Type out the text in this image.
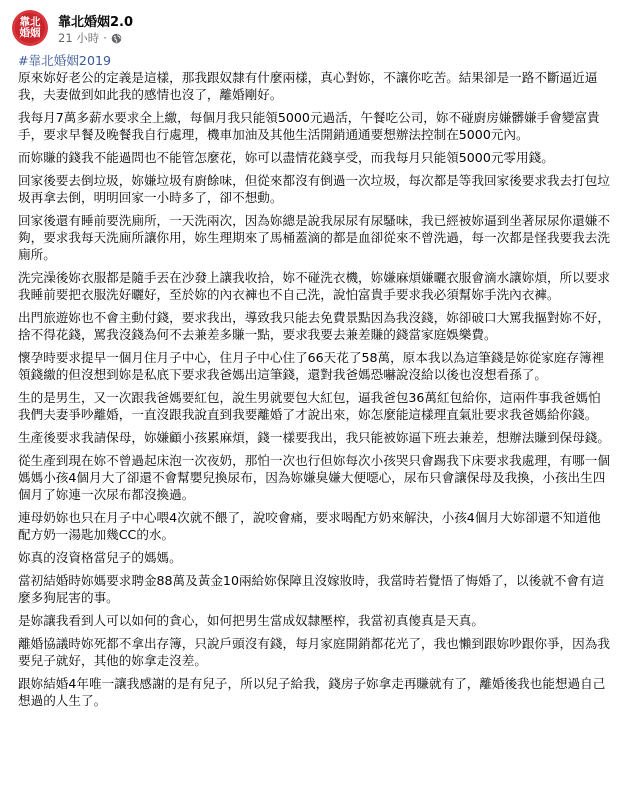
靠北
婚姻
靠北婚姻2.0
21 小時 ·
#靠北婚姻2019

原來妳好老公的定義是這樣，那我跟奴隸有什麼兩樣，真心對妳，不讓你吃苦。結果卻是一路不斷逼近逼我，夫妻做到如此我的感情也沒了，離婚剛好。

我每月7萬多薪水要求全上繳，每個月我只能領5000元過活，午餐吃公司，妳不碰廚房嫌髒嫌手會變富貴手，要求早餐及晚餐我自行處理，機車加油及其他生活開銷通通要想辦法控制在5000元內。

而妳賺的錢我不能過問也不能管怎麼花，妳可以盡情花錢享受，而我每月只能領5000元零用錢。

回家後要去倒垃圾，妳嫌垃圾有廚餘味，但從來都沒有倒過一次垃圾，每次都是等我回家後要求我去打包垃圾再拿去倒，明明回家一小時多了，卻不想動。

回家後還有睡前要洗廁所，一天洗兩次，因為妳總是說我尿尿有尿騷味，我已經被妳逼到坐著尿尿你還嫌不夠，要求我每天洗廁所讓你用，妳生理期來了馬桶蓋滴的都是血卻從來不曾洗過，每一次都是怪我要我去洗廁所。

洗完澡後妳衣服都是隨手丟在沙發上讓我收拾，妳不碰洗衣機，妳嫌麻煩嫌曬衣服會滴水讓妳煩，所以要求我睡前要把衣服洗好曬好，至於妳的內衣褲也不自己洗，說怕富貴手要求我必須幫妳手洗內衣褲。

出門旅遊妳也不會主動付錢，要求我出，導致我只能去免費景點因為我沒錢，妳卻破口大罵我摳對妳不好，捨不得花錢，罵我沒錢為何不去兼差多賺一點，要求我要去兼差賺的錢當家庭娛樂費。

懷孕時要求提早一個月住月子中心，住月子中心住了66天花了58萬，原本我以為這筆錢是妳從家庭存簿裡領錢繳的但沒想到妳是私底下要求我爸媽出這筆錢，還對我爸媽恐嚇說沒給以後也沒想看孫了。

生的是男生，又一次跟我爸媽要紅包，說生男就要包大紅包，逼我爸包36萬紅包給你，這兩件事我爸媽怕我們夫妻爭吵離婚，一直沒跟我說直到我要離婚了才說出來，妳怎麼能這樣理直氣壯要求我爸媽給你錢。

生產後要求我請保母，妳嫌顧小孩累麻煩，錢一樣要我出，我只能被妳逼下班去兼差，想辦法賺到保母錢。

從生產到現在妳不曾過起床泡一次夜奶，那怕一次也行但妳每次小孩哭只會踢我下床要求我處理，有哪一個媽媽小孩4個月大了卻還不會幫嬰兒換尿布，因為妳嫌臭嫌大便噁心，尿布只會讓保母及我換，小孩出生四個月了妳連一次尿布都沒換過。

連母奶妳也只在月子中心喂4次就不餵了，說咬會痛，要求喝配方奶來解決，小孩4個月大妳卻還不知道他配方奶一湯匙加幾CC的水。

妳真的沒資格當兒子的媽媽。

當初結婚時妳媽要求聘金88萬及黃金10兩給妳保障且沒嫁妝時，我當時若覺悟了悔婚了，以後就不會有這麼多狗屁害的事。

是妳讓我看到人可以如何的貪心，如何把男生當成奴隸壓榨，我當初真傻真是天真。

離婚協議時妳死都不拿出存簿，只說戶頭沒有錢，每月家庭開銷都花光了，我也懶到跟妳吵跟你爭，因為我要兒子就好，其他的妳拿走沒差。

跟妳結婚4年唯一讓我感謝的是有兒子，所以兒子給我，錢房子妳拿走再賺就有了，離婚後我也能想過自己想過的人生了。
